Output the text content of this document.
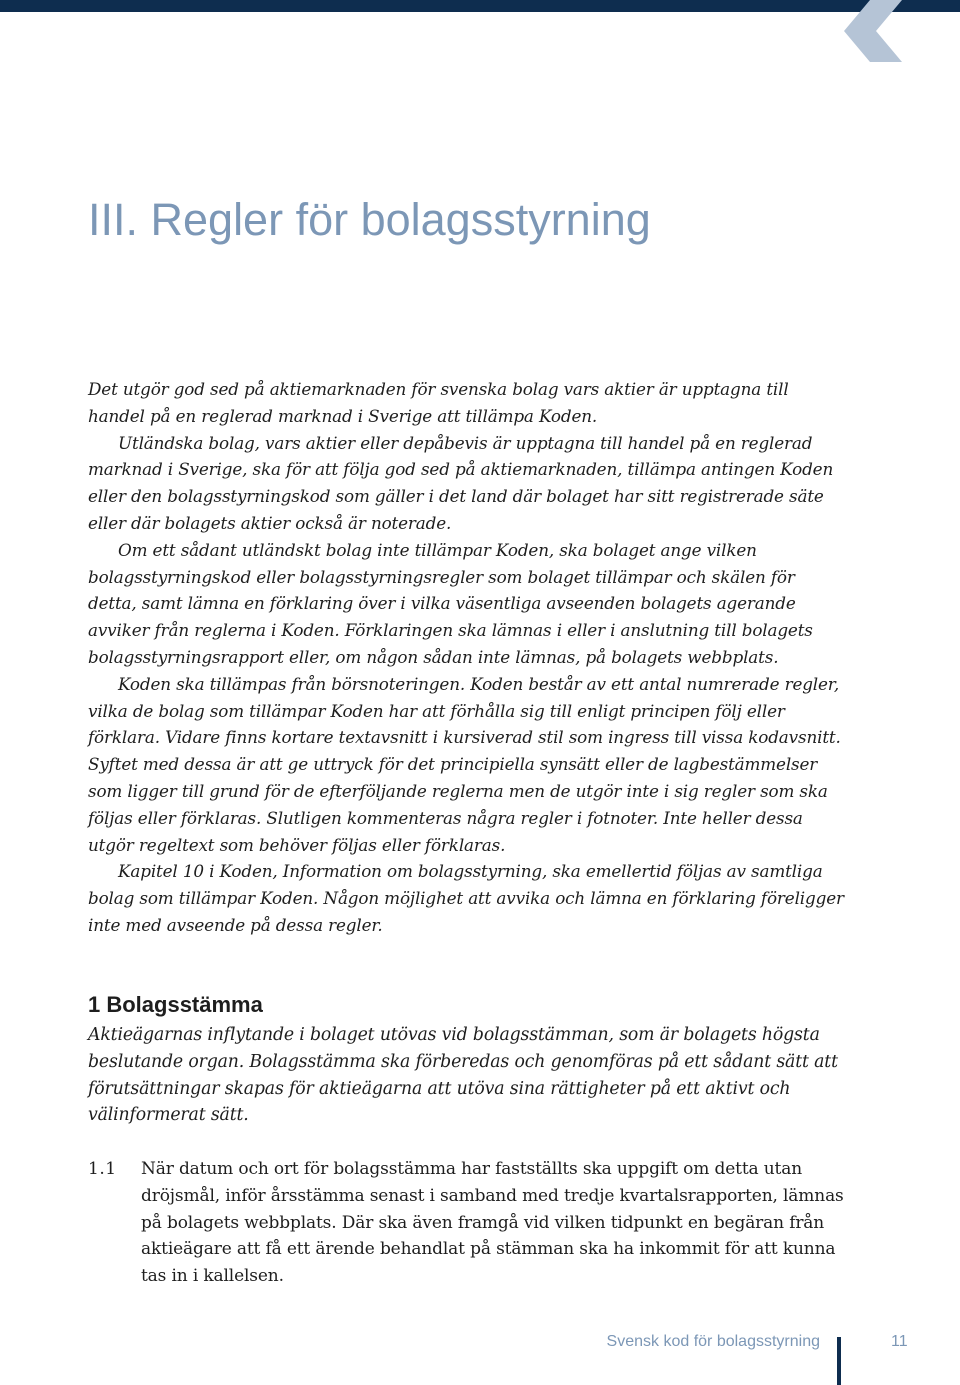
III. Regler för bolagsstyrning

Det utgör god sed på aktiemarknaden för svenska bolag vars aktier är upptagna till handel på en reglerad marknad i Sverige att tillämpa Koden.

Utländska bolag, vars aktier eller depåbevis är upptagna till handel på en reglerad marknad i Sverige, ska för att följa god sed på aktiemarknaden, tillämpa antingen Koden eller den bolagsstyrningskod som gäller i det land där bolaget har sitt registrerade säte eller där bolagets aktier också är noterade.

Om ett sådant utländskt bolag inte tillämpar Koden, ska bolaget ange vilken bolagsstyrningskod eller bolagsstyrningsregler som bolaget tillämpar och skälen för detta, samt lämna en förklaring över i vilka väsentliga avseenden bolagets agerande avviker från reglerna i Koden. Förklaringen ska lämnas i eller i anslutning till bolagets bolagsstyrningsrapport eller, om någon sådan inte lämnas, på bolagets webbplats.

Koden ska tillämpas från börsnoteringen. Koden består av ett antal numrerade regler, vilka de bolag som tillämpar Koden har att förhålla sig till enligt principen följ eller förklara. Vidare finns kortare textavsnitt i kursiverad stil som ingress till vissa kodavsnitt. Syftet med dessa är att ge uttryck för det principiella synsätt eller de lagbestämmelser som ligger till grund för de efterföljande reglerna men de utgör inte i sig regler som ska följas eller förklaras. Slutligen kommenteras några regler i fotnoter. Inte heller dessa utgör regeltext som behöver följas eller förklaras.

Kapitel 10 i Koden, Information om bolagsstyrning, ska emellertid följas av samtliga bolag som tillämpar Koden. Någon möjlighet att avvika och lämna en förklaring föreligger inte med avseende på dessa regler.

1 Bolagsstämma

Aktieägarnas inflytande i bolaget utövas vid bolagsstämman, som är bolagets högsta beslutande organ. Bolagsstämma ska förberedas och genomföras på ett sådant sätt att förutsättningar skapas för aktieägarna att utöva sina rättigheter på ett aktivt och välinformerat sätt.

1.1 När datum och ort för bolagsstämma har fastställts ska uppgift om detta utan dröjsmål, inför årsstämma senast i samband med tredje kvartalsrapporten, lämnas på bolagets webbplats. Där ska även framgå vid vilken tidpunkt en begäran från aktieägare att få ett ärende behandlat på stämman ska ha inkommit för att kunna tas in i kallelsen.
Svensk kod för bolagsstyrning	11
